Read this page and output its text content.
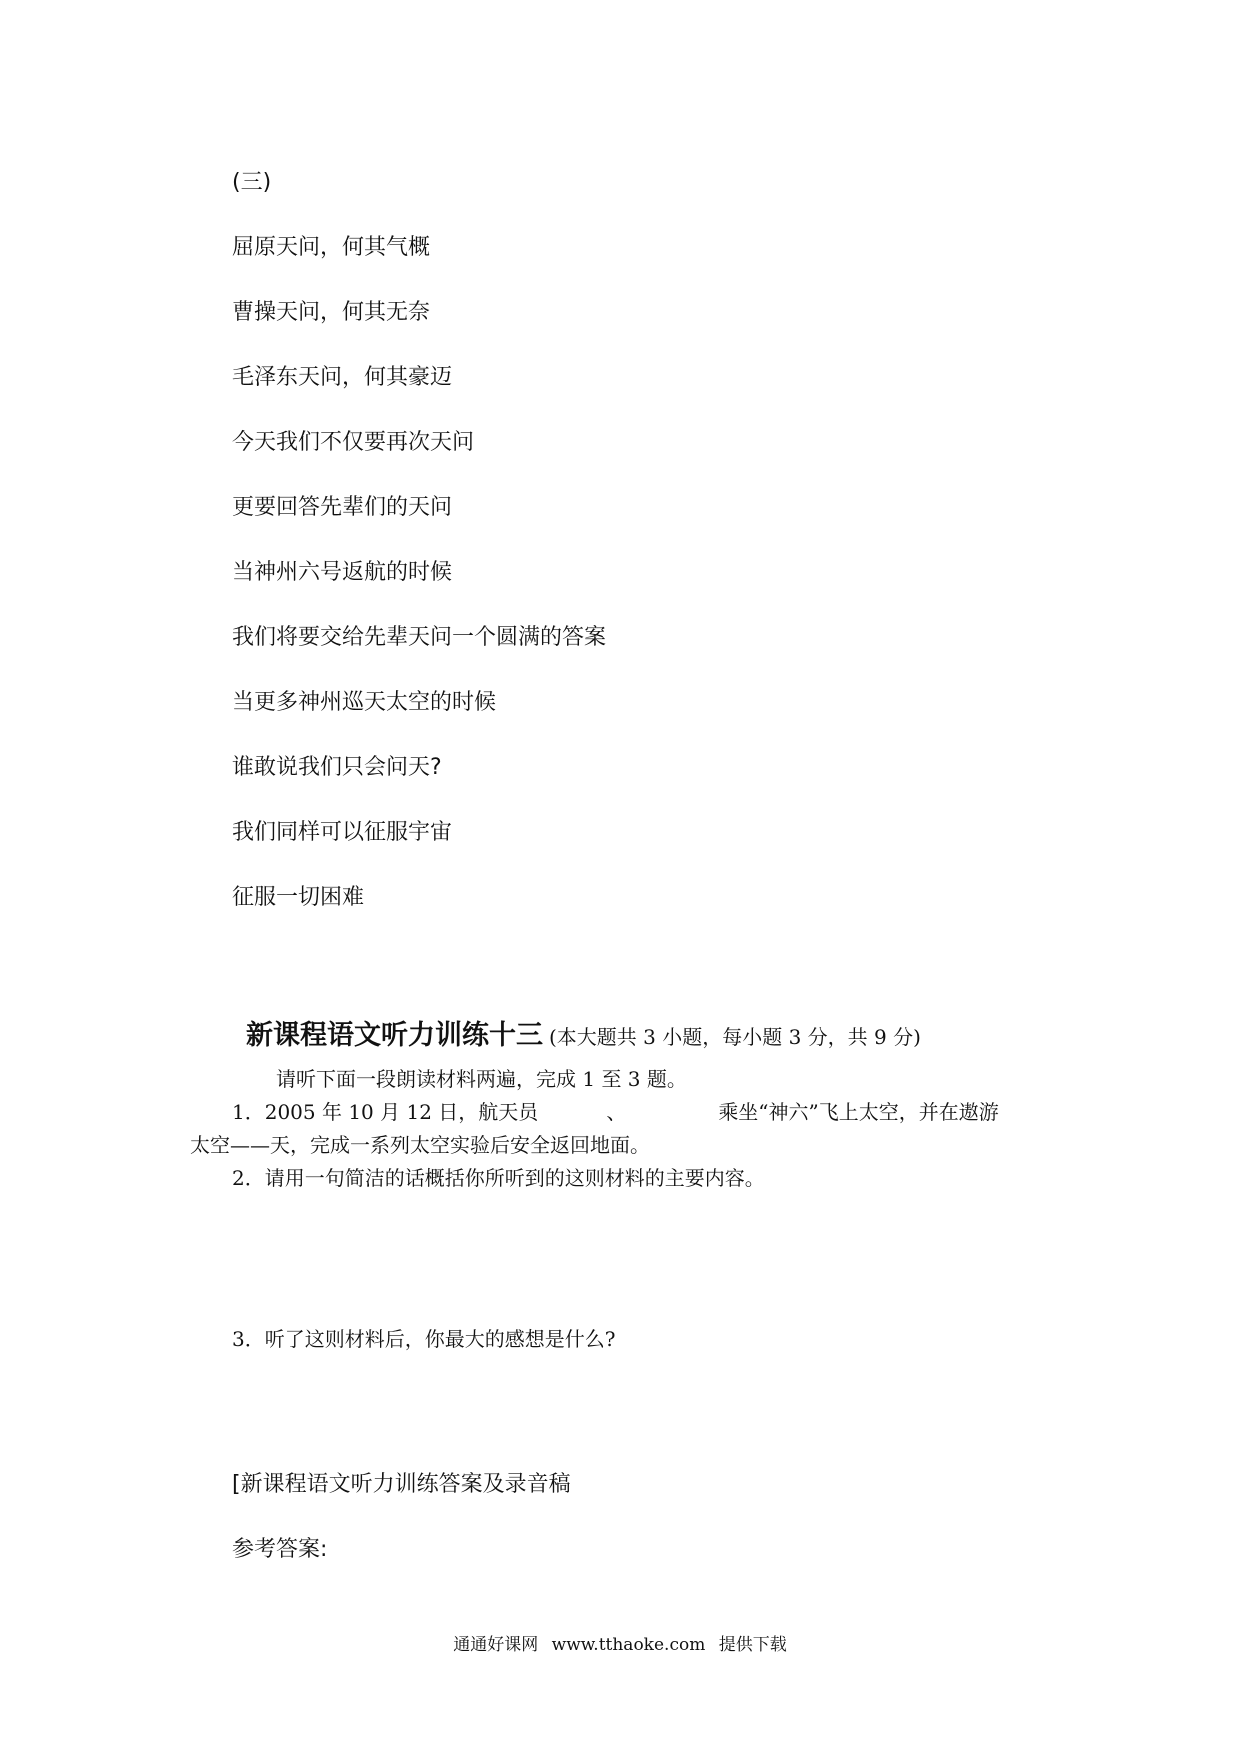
(三)
屈原天问，何其气概
曹操天问，何其无奈
毛泽东天问，何其豪迈
今天我们不仅要再次天问
更要回答先辈们的天问
当神州六号返航的时候
我们将要交给先辈天问一个圆满的答案
当更多神州巡天太空的时候
谁敢说我们只会问天?
我们同样可以征服宇宙
征服一切困难
新课程语文听力训练十三 (本大题共 3 小题，每小题 3 分，共 9 分)
请听下面一段朗读材料两遍，完成 1 至 3 题。
1．2005 年 10 月 12 日，航天员	、	乘坐“神六”飞上太空，并在遨游
太空——天，完成一系列太空实验后安全返回地面。
2．请用一句简洁的话概括你所听到的这则材料的主要内容。
3．听了这则材料后，你最大的感想是什么?
[新课程语文听力训练答案及录音稿
参考答案:
通通好课网 www.tthaoke.com 提供下载
